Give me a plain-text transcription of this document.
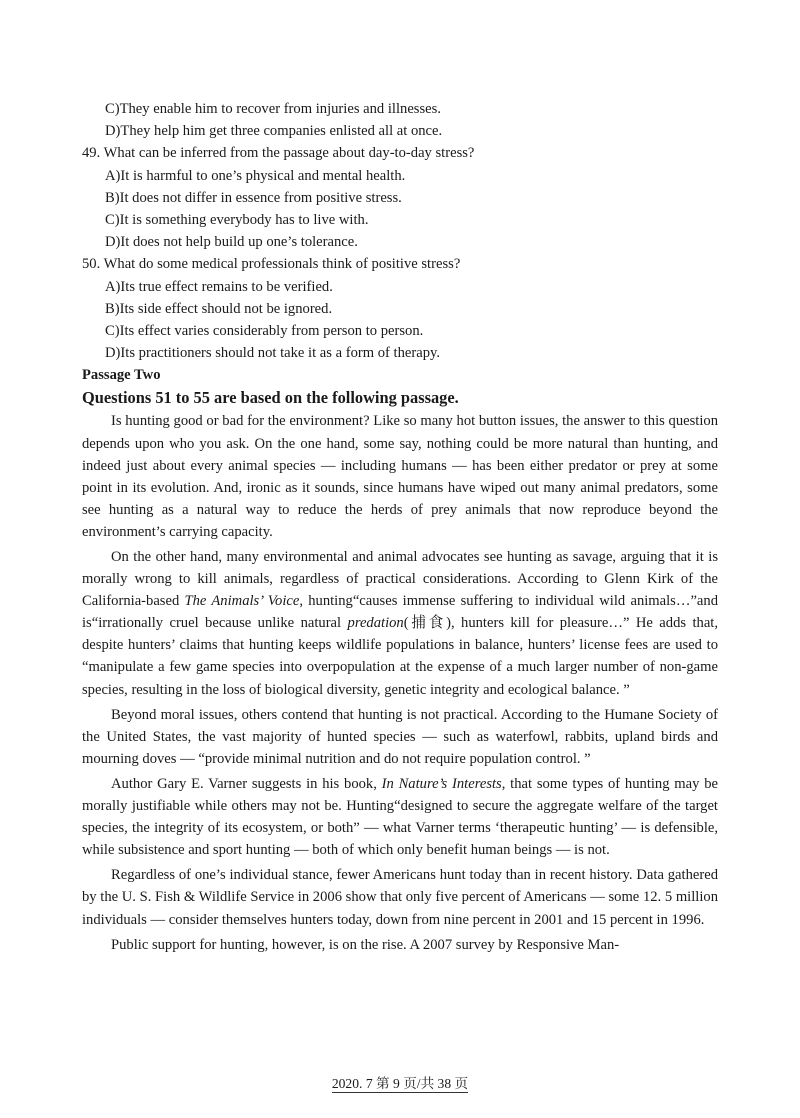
C)They enable him to recover from injuries and illnesses.

D)They help him get three companies enlisted all at once.

49. What can be inferred from the passage about day-to-day stress?

A)It is harmful to one’s physical and mental health.

B)It does not differ in essence from positive stress.

C)It is something everybody has to live with.

D)It does not help build up one’s tolerance.

50. What do some medical professionals think of positive stress?

A)Its true effect remains to be verified.

B)Its side effect should not be ignored.

C)Its effect varies considerably from person to person.

D)Its practitioners should not take it as a form of therapy.

Passage Two

Questions 51 to 55 are based on the following passage.

Is hunting good or bad for the environment? Like so many hot button issues, the answer to this question depends upon who you ask. On the one hand, some say, nothing could be more natural than hunting, and indeed just about every animal species — including humans — has been either predator or prey at some point in its evolution. And, ironic as it sounds, since humans have wiped out many animal predators, some see hunting as a natural way to reduce the herds of prey animals that now reproduce beyond the environment’s carrying capacity.

On the other hand, many environmental and animal advocates see hunting as savage, arguing that it is morally wrong to kill animals, regardless of practical considerations. According to Glenn Kirk of the California-based The Animals’ Voice, hunting“causes immense suffering to individual wild animals…”and is“irrationally cruel because unlike natural predation(捕食), hunters kill for pleasure…” He adds that, despite hunters’ claims that hunting keeps wildlife populations in balance, hunters’ license fees are used to “manipulate a few game species into overpopulation at the expense of a much larger number of non-game species, resulting in the loss of biological diversity, genetic integrity and ecological balance. ”

Beyond moral issues, others contend that hunting is not practical. According to the Humane Society of the United States, the vast majority of hunted species — such as waterfowl, rabbits, upland birds and mourning doves — “provide minimal nutrition and do not require population control. ”

Author Gary E. Varner suggests in his book, In Nature’s Interests, that some types of hunting may be morally justifiable while others may not be. Hunting“designed to secure the aggregate welfare of the target species, the integrity of its ecosystem, or both” — what Varner terms ‘therapeutic hunting’ — is defensible, while subsistence and sport hunting — both of which only benefit human beings — is not.

Regardless of one’s individual stance, fewer Americans hunt today than in recent history. Data gathered by the U. S. Fish & Wildlife Service in 2006 show that only five percent of Americans — some 12. 5 million individuals — consider themselves hunters today, down from nine percent in 2001 and 15 percent in 1996.

Public support for hunting, however, is on the rise. A 2007 survey by Responsive Man-

2020. 7 第 9 页/共 38 页
